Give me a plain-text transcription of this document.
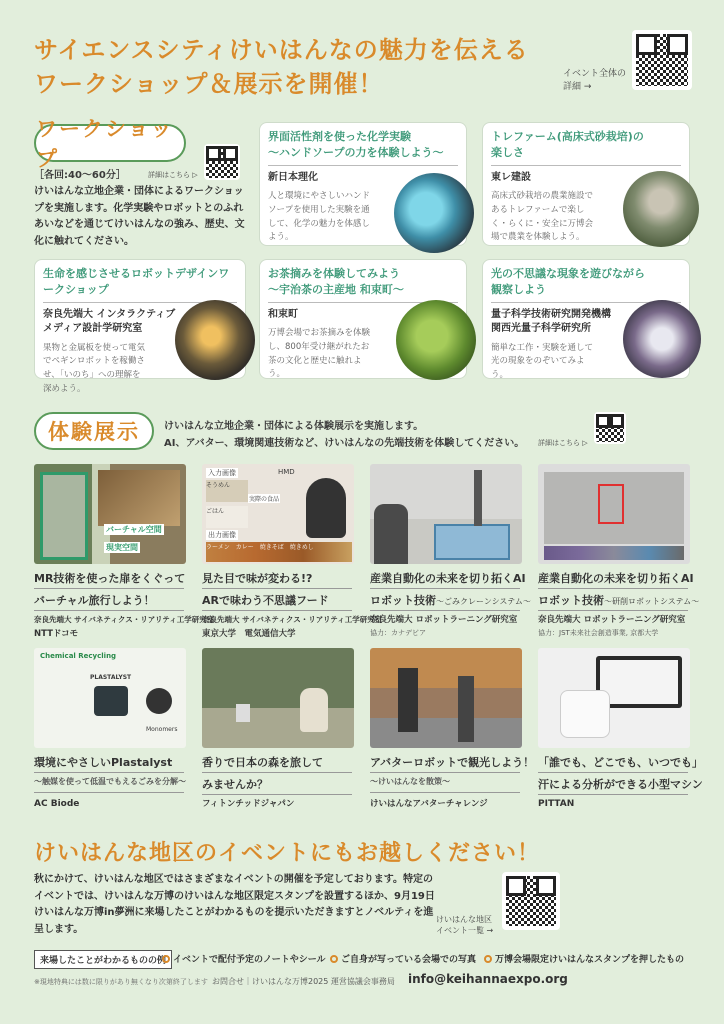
サイエンスシティけいはんなの魅力を伝える
ワークショップ＆展示を開催！	イベント全体の
詳細 →
ワークショップ
［各回:40〜60分］	詳細はこちら ▷
けいはんな立地企業・団体によるワークショップを実施します。化学実験やロボットとのふれあいなどを通じてけいはんなの強み、歴史、文化に触れてください。
界面活性剤を使った化学実験
〜ハンドソープの力を体験しよう〜
新日本理化
人と環境にやさしいハンドソープを使用した実験を通して、化学の魅力を体感しよう。
トレファーム(高床式砂栽培)の
楽しさ
東レ建設
高床式砂栽培の農業施設であるトレファームで楽しく・らくに・安全に万博会場で農業を体験しよう。
生命を感じさせるロボットデザインワークショップ
奈良先端大 インタラクティブ
メディア設計学研究室
果物と金属板を使って電気でペギンロボットを稼働させ、「いのち」への理解を深めよう。
お茶摘みを体験してみよう
〜宇治茶の主産地 和束町〜
和束町
万博会場でお茶摘みを体験し、800年受け継がれたお茶の文化と歴史に触れよう。
光の不思議な現象を遊びながら
観察しよう
量子科学技術研究開発機構
関西光量子科学研究所
簡単な工作・実験を通して光の現象をのぞいてみよう。
体験展示	けいはんな立地企業・団体による体験展示を実施します。
AI、アバター、環境関連技術など、けいはんなの先端技術を体験してください。 詳細はこちら ▷
バーチャル空間
現実空間
入力画像
そうめん
ごはん
出力画像
ラーメン　カレー　焼きそば　焼きめし
HMD
実際の食品
MR技術を使った扉をくぐって
バーチャル旅行しよう！
奈良先端大 サイバネティクス・リアリティ工学研究室
NTTドコモ
見た目で味が変わる!?
ARで味わう不思議フード
奈良先端大 サイバネティクス・リアリティ工学研究室
東京大学　電気通信大学
産業自動化の未来を切り拓くAI
ロボット技術〜ごみクレーンシステム〜
奈良先端大 ロボットラーニング研究室
協力：カナデビア
産業自動化の未来を切り拓くAI
ロボット技術〜研削ロボットシステム〜
奈良先端大 ロボットラーニング研究室
協力：JST未来社会創造事業, 京都大学
Chemical Recycling
PLASTALYST
Monomers
環境にやさしいPlastalyst
〜触媒を使って低温でもえるごみを分解〜
AC Biode
香りで日本の森を旅して
みませんか？
フィトンチッドジャパン
アバターロボットで観光しよう！
〜けいはんなを散策〜
けいはんなアバターチャレンジ
「誰でも、どこでも、いつでも」
汗による分析ができる小型マシン
PITTAN
けいはんな地区のイベントにもお越しください！
秋にかけて、けいはんな地区ではさまざまなイベントの開催を予定しております。特定のイベントでは、けいはんな万博のけいはんな地区限定スタンプを設置するほか、9月19日けいはんな万博in夢洲に来場したことがわかるものを提示いただきますとノベルティを進呈します。
けいはんな地区
イベント一覧 →
来場したことがわかるものの例 イベントで配付予定のノートやシール	ご自身が写っている会場での写真	万博会場限定けいはんなスタンプを押したもの
※現地特典には数に限りがあり無くなり次第終了します お問合せ｜けいはんな万博2025 運営協議会事務局 info@keihannaexpo.org
